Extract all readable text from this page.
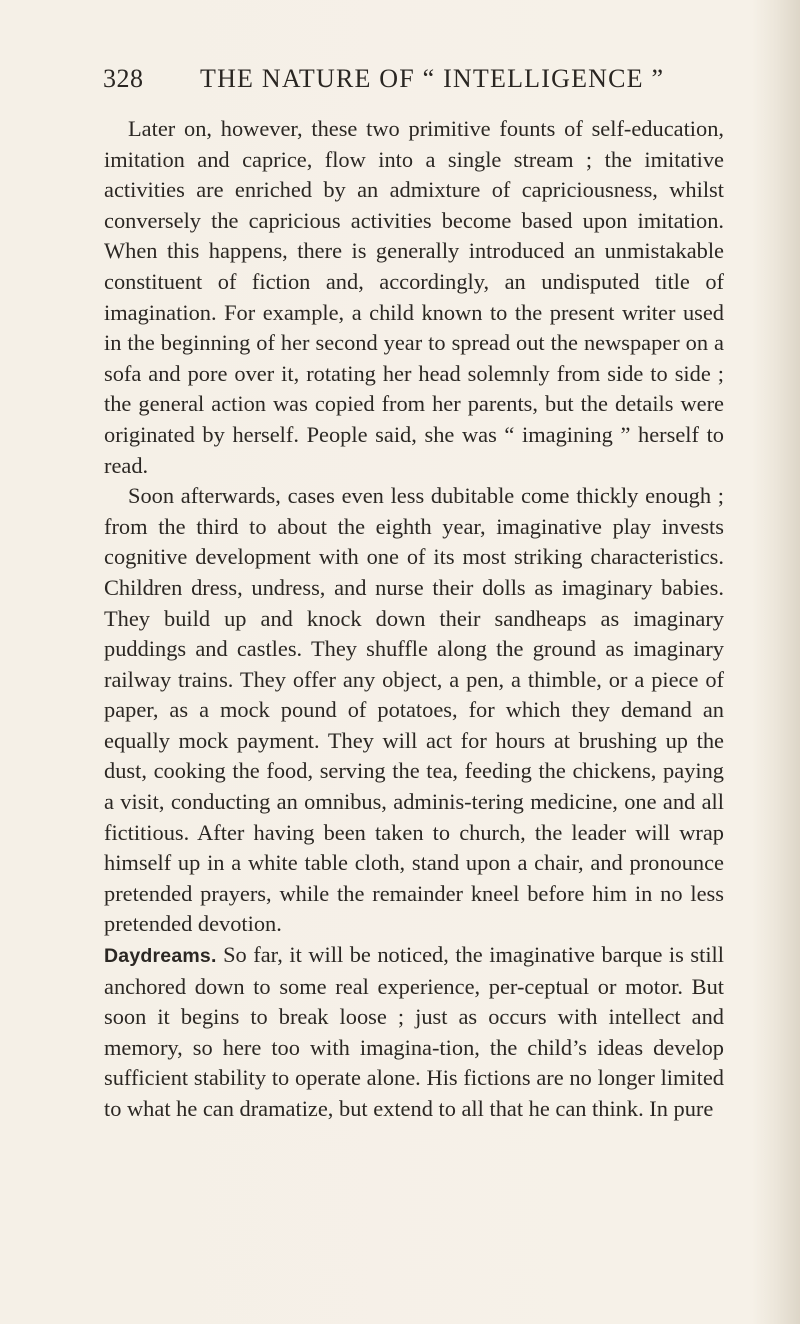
328 THE NATURE OF “ INTELLIGENCE ”

Later on, however, these two primitive founts of self-education, imitation and caprice, flow into a single stream ; the imitative activities are enriched by an admixture of capriciousness, whilst conversely the capricious activities become based upon imitation. When this happens, there is generally introduced an unmistakable constituent of fiction and, accordingly, an undisputed title of imagination. For example, a child known to the present writer used in the beginning of her second year to spread out the newspaper on a sofa and pore over it, rotating her head solemnly from side to side ; the general action was copied from her parents, but the details were originated by herself. People said, she was “ imagining ” herself to read.

Soon afterwards, cases even less dubitable come thickly enough ; from the third to about the eighth year, imaginative play invests cognitive development with one of its most striking characteristics. Children dress, undress, and nurse their dolls as imaginary babies. They build up and knock down their sandheaps as imaginary puddings and castles. They shuffle along the ground as imaginary railway trains. They offer any object, a pen, a thimble, or a piece of paper, as a mock pound of potatoes, for which they demand an equally mock payment. They will act for hours at brushing up the dust, cooking the food, serving the tea, feeding the chickens, paying a visit, conducting an omnibus, adminis-tering medicine, one and all fictitious. After having been taken to church, the leader will wrap himself up in a white table cloth, stand upon a chair, and pronounce pretended prayers, while the remainder kneel before him in no less pretended devotion.

Daydreams. So far, it will be noticed, the imaginative barque is still anchored down to some real experience, per-ceptual or motor. But soon it begins to break loose ; just as occurs with intellect and memory, so here too with imagina-tion, the child’s ideas develop sufficient stability to operate alone. His fictions are no longer limited to what he can dramatize, but extend to all that he can think. In pure
